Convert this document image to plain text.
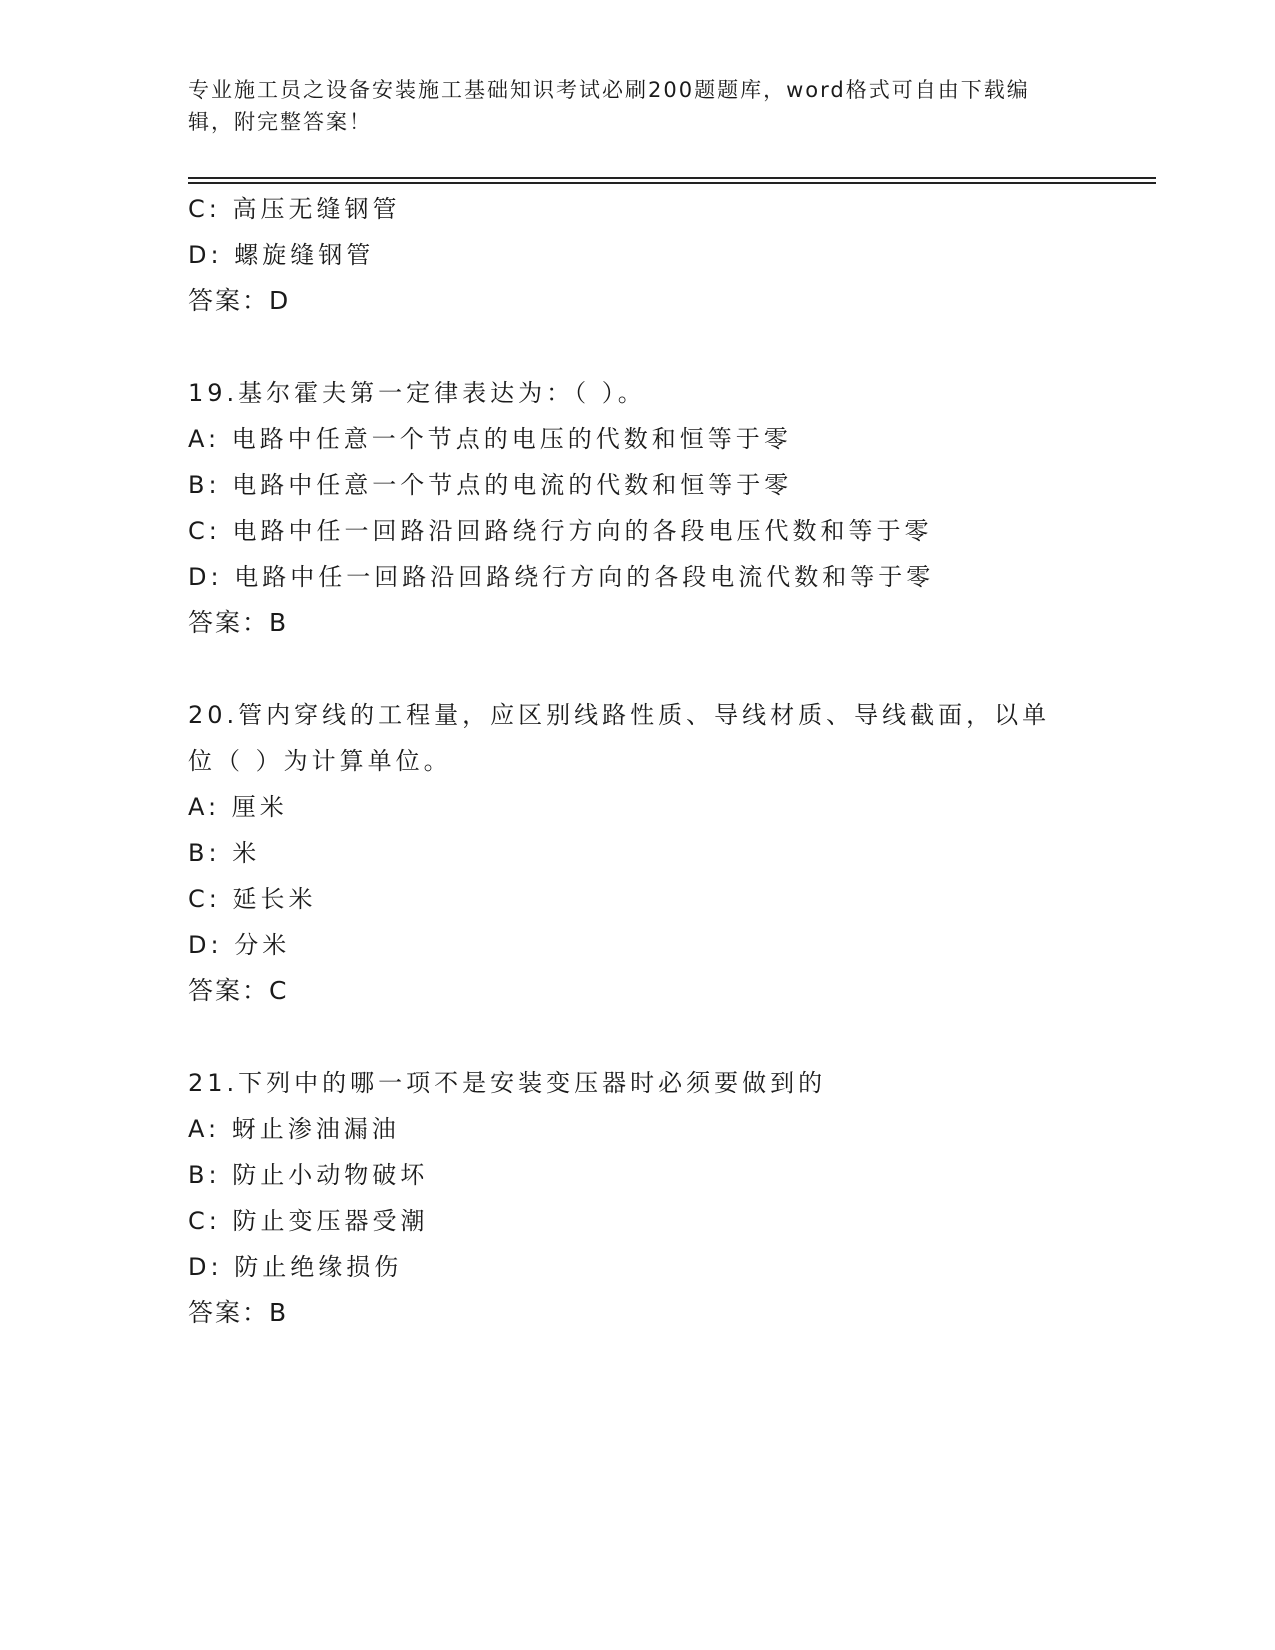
专业施工员之设备安装施工基础知识考试必刷200题题库，word格式可自由下载编辑，附完整答案！
C: 高压无缝钢管
D: 螺旋缝钢管
答案：D
19.基尔霍夫第一定律表达为：（ ）。
A: 电路中任意一个节点的电压的代数和恒等于零
B: 电路中任意一个节点的电流的代数和恒等于零
C: 电路中任一回路沿回路绕行方向的各段电压代数和等于零
D: 电路中任一回路沿回路绕行方向的各段电流代数和等于零
答案：B
20.管内穿线的工程量，应区别线路性质、导线材质、导线截面，以单
位（ ）为计算单位。
A: 厘米
B: 米
C: 延长米
D: 分米
答案：C
21.下列中的哪一项不是安装变压器时必须要做到的
A: 蚜止渗油漏油
B: 防止小动物破坏
C: 防止变压器受潮
D: 防止绝缘损伤
答案：B
